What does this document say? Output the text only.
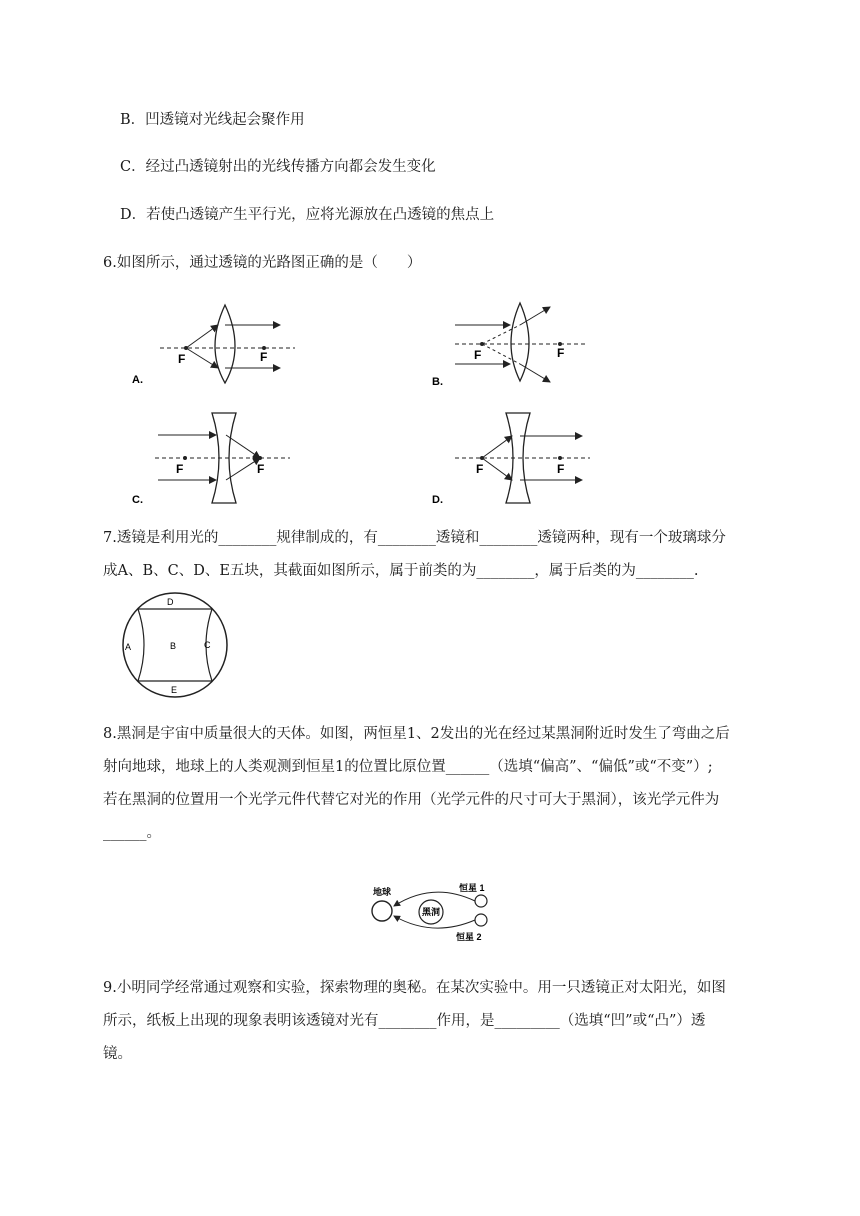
B．凹透镜对光线起会聚作用
C．经过凸透镜射出的光线传播方向都会发生变化
D．若使凸透镜产生平行光，应将光源放在凸透镜的焦点上
6.如图所示，通过透镜的光路图正确的是（　　）
F	F
A.
F	F
B.
F	F
C.
F	F
D.
7.透镜是利用光的________规律制成的，有________透镜和________透镜两种，现有一个玻璃球分
成A、B、C、D、E五块，其截面如图所示，属于前类的为________，属于后类的为________.
A	B	C
D
E
8.黑洞是宇宙中质量很大的天体。如图，两恒星1、2发出的光在经过某黑洞附近时发生了弯曲之后
射向地球，地球上的人类观测到恒星1的位置比原位置______（选填“偏高”、“偏低”或“不变”）;
若在黑洞的位置用一个光学元件代替它对光的作用（光学元件的尺寸可大于黑洞），该光学元件为
______。
地球
黑洞
恒星 1
恒星 2
9.小明同学经常通过观察和实验，探索物理的奥秘。在某次实验中。用一只透镜正对太阳光，如图
所示，纸板上出现的现象表明该透镜对光有________作用，是_________（选填“凹”或“凸”）透
镜。
